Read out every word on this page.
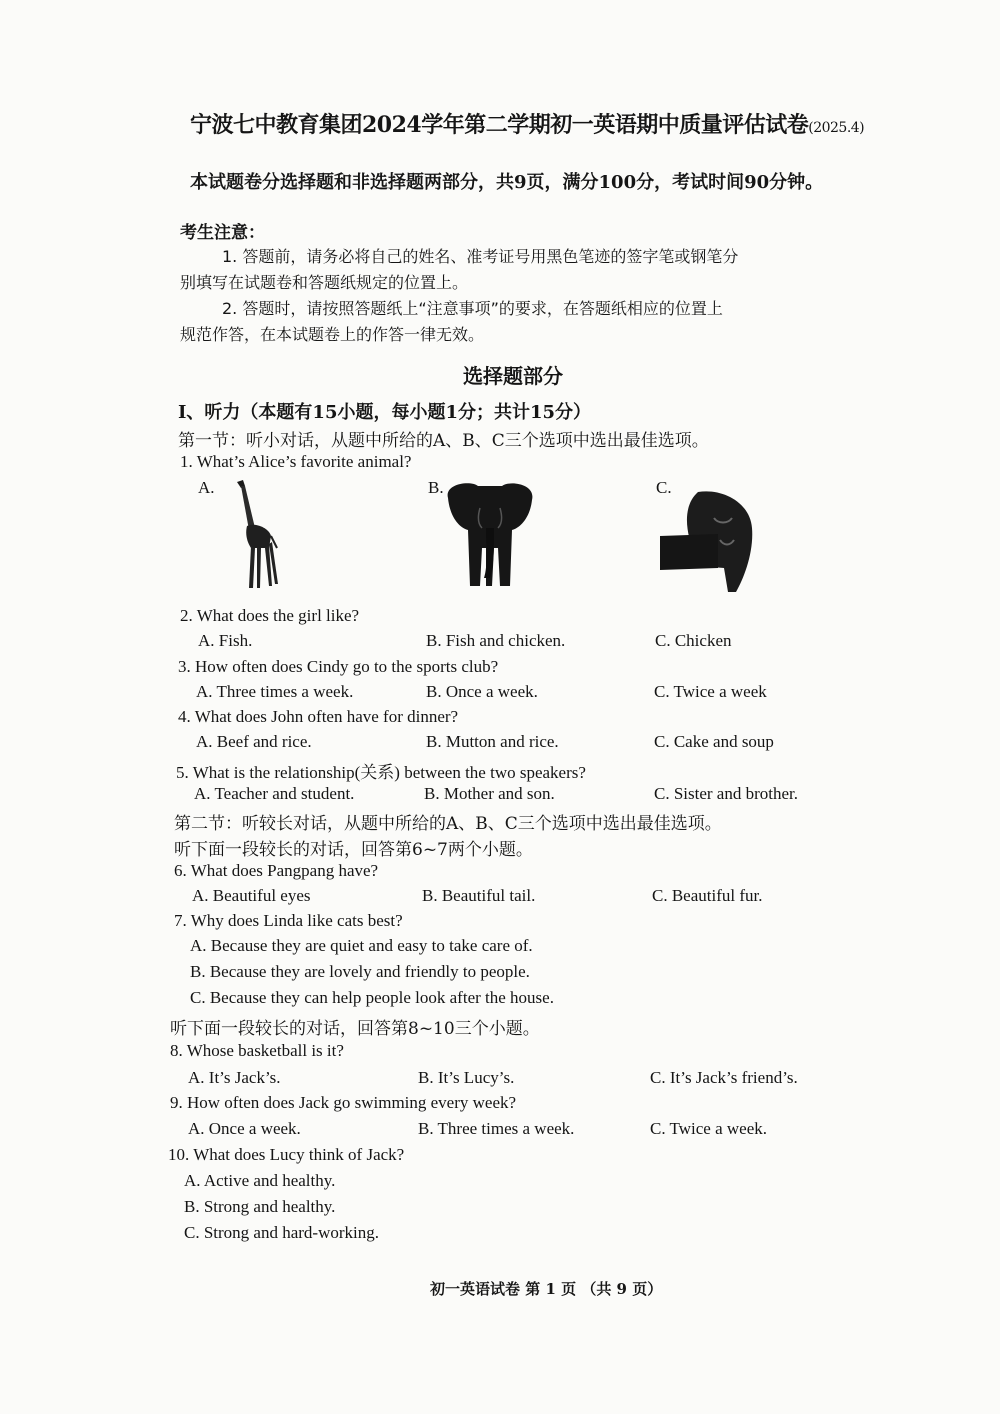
宁波七中教育集团2024学年第二学期初一英语期中质量评估试卷(2025.4)
本试题卷分选择题和非选择题两部分，共9页，满分100分，考试时间90分钟。
考生注意：
1. 答题前，请务必将自己的姓名、准考证号用黑色笔迹的签字笔或钢笔分
别填写在试题卷和答题纸规定的位置上。
2. 答题时，请按照答题纸上“注意事项”的要求，在答题纸相应的位置上
规范作答，在本试题卷上的作答一律无效。
选择题部分
Ⅰ、听力（本题有15小题，每小题1分；共计15分）
第一节：听小对话，从题中所给的A、B、C三个选项中选出最佳选项。
1. What’s Alice’s favorite animal?
A.	B.	C.
2. What does the girl like?
A. Fish.	B. Fish and chicken.	C. Chicken
3. How often does Cindy go to the sports club?
A. Three times a week.	B. Once a week.	C. Twice a week
4. What does John often have for dinner?
A. Beef and rice.	B. Mutton and rice.	C. Cake and soup
5. What is the relationship(关系) between the two speakers?
A. Teacher and student.	B. Mother and son.	C. Sister and brother.
第二节：听较长对话，从题中所给的A、B、C三个选项中选出最佳选项。
听下面一段较长的对话，回答第6~7两个小题。
6. What does Pangpang have?
A. Beautiful eyes	B. Beautiful tail.	C. Beautiful fur.
7. Why does Linda like cats best?
A. Because they are quiet and easy to take care of.
B. Because they are lovely and friendly to people.
C. Because they can help people look after the house.
听下面一段较长的对话，回答第8~10三个小题。
8. Whose basketball is it?
A. It’s Jack’s.	B. It’s Lucy’s.	C. It’s Jack’s friend’s.
9. How often does Jack go swimming every week?
A. Once a week.	B. Three times a week.	C. Twice a week.
10. What does Lucy think of Jack?
A. Active and healthy.
B. Strong and healthy.
C. Strong and hard-working.
初一英语试卷 第 1 页 （共 9 页）
